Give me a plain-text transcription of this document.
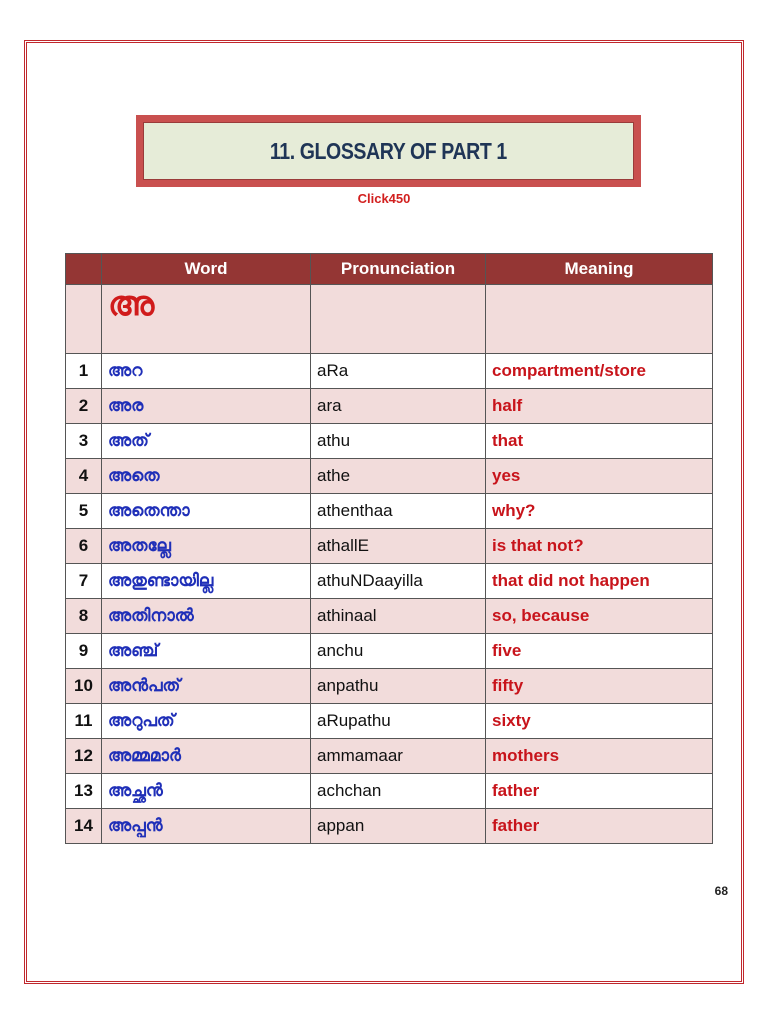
11. GLOSSARY OF PART 1
Click450
	Word	Pronunciation	Meaning
	അ		
1	അറ	aRa	compartment/store
2	അര	ara	half
3	അത്	athu	that
4	അതെ	athe	yes
5	അതെന്താ	athenthaa	why?
6	അതല്ലേ	athallE	is that not?
7	അതുണ്ടായില്ല	athuNDaayilla	that did not happen
8	അതിനാൽ	athinaal	so, because
9	അഞ്ച്	anchu	five
10	അൻപത്	anpathu	fifty
11	അറുപത്	aRupathu	sixty
12	അമ്മമാർ	ammamaar	mothers
13	അച്ഛൻ	achchan	father
14	അപ്പൻ	appan	father
68
